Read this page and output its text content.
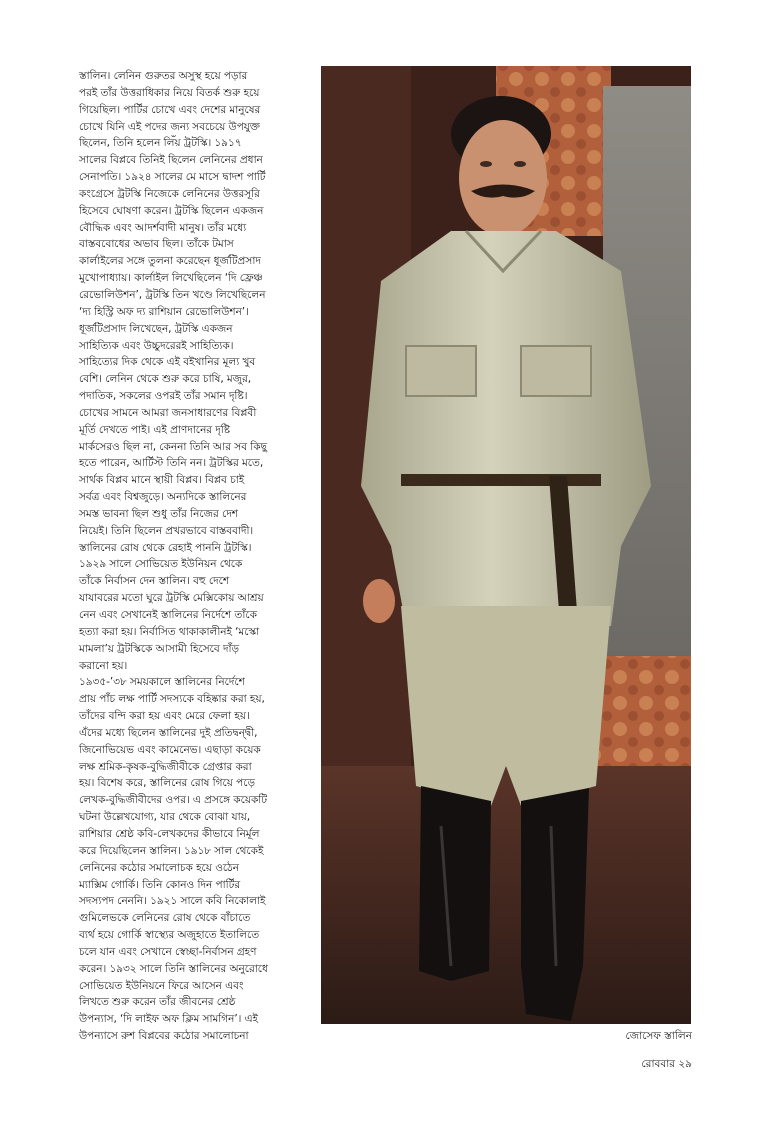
স্তালিন। লেনিন গুরুতর অসুস্থ হয়ে পড়ার
পরই তাঁর উত্তরাধিকার নিয়ে বিতর্ক শুরু হয়ে
গিয়েছিল। পার্টির চোখে এবং দেশের মানুষের
চোখে যিনি এই পদের জন্য সবচেয়ে উপযুক্ত
ছিলেন, তিনি হলেন লিঁয় ট্রটস্কি। ১৯১৭
সালের বিপ্লবে তিনিই ছিলেন লেনিনের প্রধান
সেনাপতি। ১৯২৪ সালের মে মাসে দ্বাদশ পার্টি
কংগ্রেসে ট্রটস্কি নিজেকে লেনিনের উত্তরসূরি
হিসেবে ঘোষণা করেন। ট্রটস্কি ছিলেন একজন
বৌদ্ধিক এবং আদর্শবাদী মানুষ। তাঁর মধ্যে
বাস্তববোধের অভাব ছিল। তাঁকে টমাস
কার্লাইলের সঙ্গে তুলনা করেছেন ধূর্জটিপ্রসাদ
মুখোপাধ্যায়। কার্লাইল লিখেছিলেন ‘দি ফ্রেঞ্চ
রেভোলিউশন’, ট্রটস্কি তিন খণ্ডে লিখেছিলেন
‘দ্য হিস্ট্রি অফ দ্য রাশিয়ান রেভোলিউশন’।
ধূর্জটিপ্রসাদ লিখেছেন, ট্রটস্কি একজন
সাহিত্যিক এবং উচ্চুদরেরই সাহিত্যিক।
সাহিত্যের দিক থেকে এই বইখানির মূল্য খুব
বেশি। লেনিন থেকে শুরু করে চাষি, মজুর,
পদাতিক, সকলের ওপরই তাঁর সমান দৃষ্টি।
চোখের সামনে আমরা জনসাধারণের বিপ্লবী
মূর্তি দেখতে পাই। এই প্রাণদানের দৃষ্টি
মার্কসেরও ছিল না, কেননা তিনি আর সব কিছু
হতে পারেন, আর্টিস্ট তিনি নন। ট্রটস্কির মতে,
সার্থক বিপ্লব মানে স্থায়ী বিপ্লব। বিপ্লব চাই
সর্বত্র এবং বিশ্বজুড়ে। অন্যদিকে স্তালিনের
সমস্ত ভাবনা ছিল শুধু তাঁর নিজের দেশ
নিয়েই। তিনি ছিলেন প্রখরভাবে বাস্তববাদী।
স্তালিনের রোষ থেকে রেহাই পাননি ট্রটস্কি।
১৯২৯ সালে সোভিয়েত ইউনিয়ন থেকে
তাঁকে নির্বাসন দেন স্তালিন। বহু দেশে
যাযাবরের মতো ঘুরে ট্রটস্কি মেক্সিকোয় আশ্রয়
নেন এবং সেখানেই স্তালিনের নির্দেশে তাঁকে
হত্যা করা হয়। নির্বাসিত থাকাকালীনই ‘মস্কো
মামলা’য় ট্রটস্কিকে আসামী হিসেবে দাঁড়
করানো হয়।
১৯৩৫-’৩৮ সময়কালে স্তালিনের নির্দেশে
প্রায় পাঁচ লক্ষ পার্টি সদস্যকে বহিষ্কার করা হয়,
তাঁদের বন্দি করা হয় এবং মেরে ফেলা হয়।
এঁদের মধ্যে ছিলেন স্তালিনের দুই প্রতিদ্বন্দ্বী,
জিনোভিয়েভ এবং কামেনেভ। এছাড়া কয়েক
লক্ষ শ্রমিক-কৃষক-বুদ্ধিজীবীকে গ্রেপ্তার করা
হয়। বিশেষ করে, স্তালিনের রোষ গিয়ে পড়ে
লেখক-বুদ্ধিজীবীদের ওপর। এ প্রসঙ্গে কয়েকটি
ঘটনা উল্লেখযোগ্য, যার থেকে বোঝা যায়,
রাশিয়ার শ্রেষ্ঠ কবি-লেখকদের কীভাবে নির্মূল
করে দিয়েছিলেন স্তালিন। ১৯১৮ সাল থেকেই
লেনিনের কঠোর সমালোচক হয়ে ওঠেন
ম্যাক্সিম গোর্কি। তিনি কোনও দিন পার্টির
সদস্যপদ নেননি। ১৯২১ সালে কবি নিকোলাই
গুমিলেভকে লেনিনের রোষ থেকে বাঁচাতে
ব্যর্থ হয়ে গোর্কি স্বাস্থ্যের অজুহাতে ইতালিতে
চলে যান এবং সেখানে স্বেচ্ছা-নির্বাসন গ্রহণ
করেন। ১৯৩২ সালে তিনি স্তালিনের অনুরোধে
সোভিয়েত ইউনিয়নে ফিরে আসেন এবং
লিখতে শুরু করেন তাঁর জীবনের শ্রেষ্ঠ
উপন্যাস, ‘দি লাইফ অফ ক্লিম সামগিন’। এই
উপন্যাসে রুশ বিপ্লবের কঠোর সমালোচনা	জোসেফ স্তালিন
রোববার ২৯
